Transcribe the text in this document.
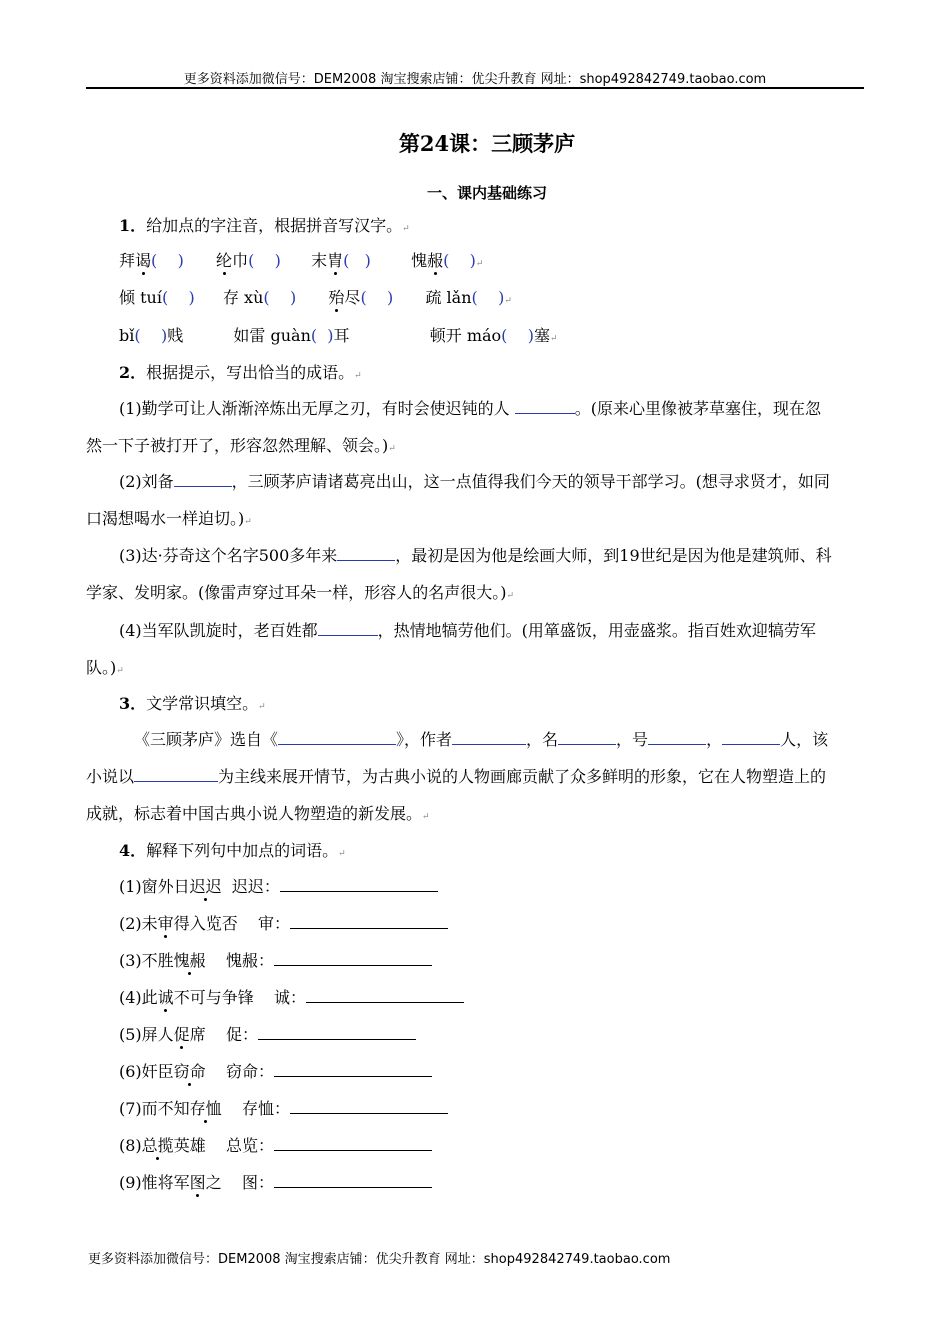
更多资料添加微信号：DEM2008 淘宝搜索店铺：优尖升教育 网址：shop492842749.taobao.com
第24课：三顾茅庐
一、课内基础练习
1．给加点的字注音，根据拼音写汉字。↵
拜谒(    ) 纶巾(    ) 末胄(   )	愧赧(    )↵
倾 tuí(    ) 存 xù(    ) 殆尽(    ) 疏 lǎn(    )↵
bǐ(    )贱	如雷 guàn(  )耳	顿开 máo(    )塞↵
2．根据提示，写出恰当的成语。↵
(1)勤学可让人渐渐淬炼出无厚之刃，有时会使迟钝的人	。(原来心里像被茅草塞住，现在忽
然一下子被打开了，形容忽然理解、领会。)↵
(2)刘备	，三顾茅庐请诸葛亮出山，这一点值得我们今天的领导干部学习。(想寻求贤才，如同
口渴想喝水一样迫切。)↵
(3)达·芬奇这个名字500多年来	，最初是因为他是绘画大师，到19世纪是因为他是建筑师、科
学家、发明家。(像雷声穿过耳朵一样，形容人的名声很大。)↵
(4)当军队凯旋时，老百姓都	，热情地犒劳他们。(用箪盛饭，用壶盛浆。指百姓欢迎犒劳军
队。)↵
3．文学常识填空。↵
《三顾茅庐》选自《	》，作者	，名	，号	，	人，该
小说以	为主线来展开情节，为古典小说的人物画廊贡献了众多鲜明的形象，它在人物塑造上的
成就，标志着中国古典小说人物塑造的新发展。↵
4．解释下列句中加点的词语。↵
(1)窗外日迟迟 迟迟：
(2)未审得入览否 审：
(3)不胜愧赧 愧赧：
(4)此诚不可与争锋 诚：
(5)屏人促席 促：
(6)奸臣窃命 窃命：
(7)而不知存恤 存恤：
(8)总揽英雄 总览：
(9)惟将军图之 图：
更多资料添加微信号：DEM2008 淘宝搜索店铺：优尖升教育 网址：shop492842749.taobao.com
